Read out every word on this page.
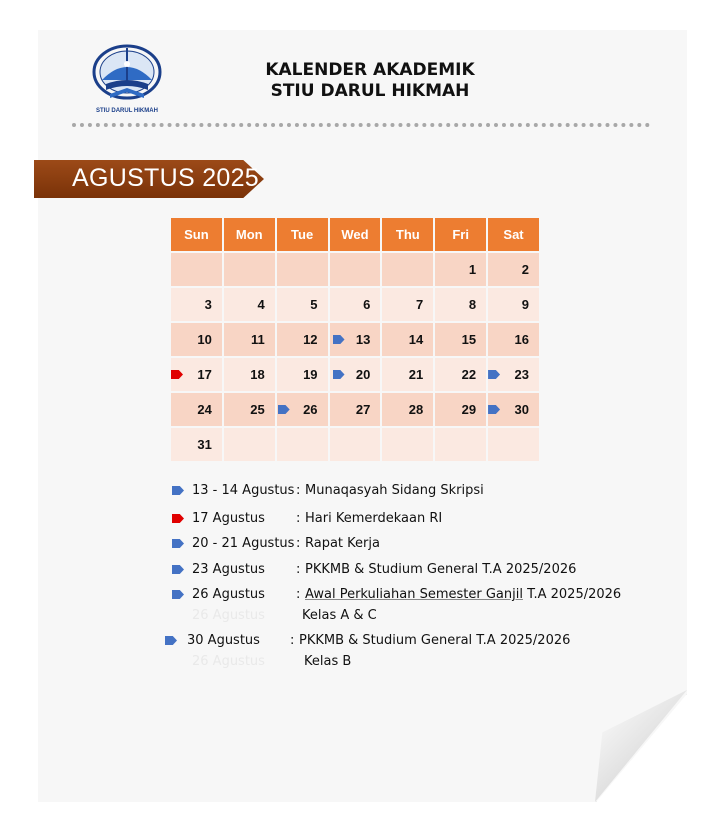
STIU DARUL HIKMAH
KALENDER AKADEMIK
STIU DARUL HIKMAH
AGUSTUS 2025
Sun	Mon	Tue	Wed	Thu	Fri	Sat
					1	2
3	4	5	6	7	8	9
10	11	12	13	14	15	16

17	18	19	20	21	22	23
24	25	26	27	28	29	30
31						
13 - 14 Agustus : Munaqasyah Sidang Skripsi
17 Agustus : Hari Kemerdekaan RI
20 - 21 Agustus : Rapat Kerja
23 Agustus : PKKMB & Studium General T.A 2025/2026
26 Agustus : Awal Perkuliahan Semester Ganjil T.A 2025/2026
26 Agustus	Kelas A & C
30 Agustus : PKKMB & Studium General T.A 2025/2026
26 Agustus	Kelas B
